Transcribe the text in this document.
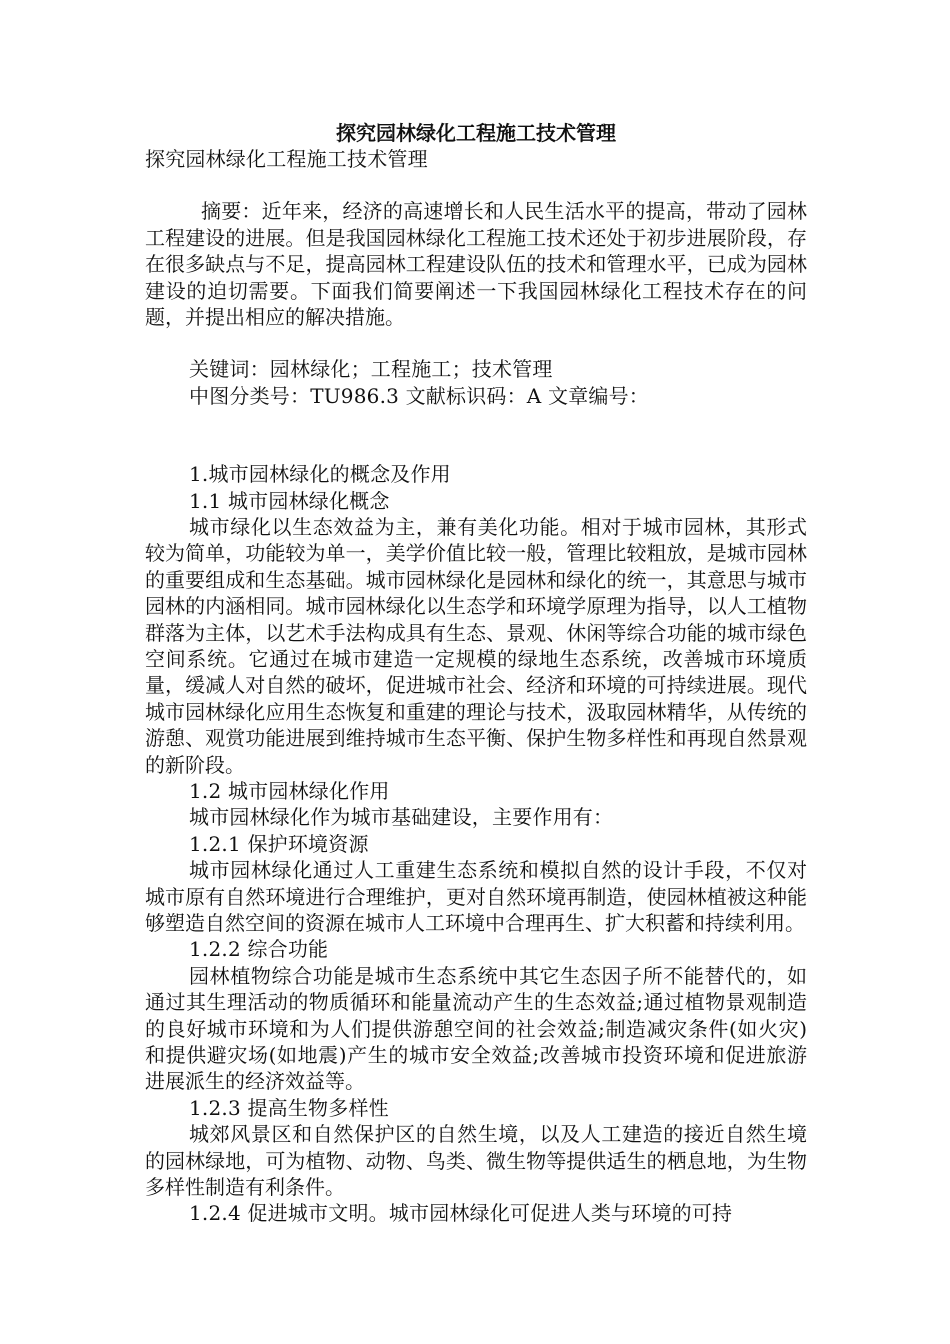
探究园林绿化工程施工技术管理
探究园林绿化工程施工技术管理

摘要：近年来，经济的高速增长和人民生活水平的提高，带动了园林工程建设的进展。但是我国园林绿化工程施工技术还处于初步进展阶段，存在很多缺点与不足，提高园林工程建设队伍的技术和管理水平，已成为园林建设的迫切需要。下面我们简要阐述一下我国园林绿化工程技术存在的问题，并提出相应的解决措施。

关键词：园林绿化；工程施工；技术管理
中图分类号：TU986.3 文献标识码：A 文章编号：
1.城市园林绿化的概念及作用
1.1 城市园林绿化概念

城市绿化以生态效益为主，兼有美化功能。相对于城市园林，其形式较为简单，功能较为单一，美学价值比较一般，管理比较粗放，是城市园林的重要组成和生态基础。城市园林绿化是园林和绿化的统一，其意思与城市园林的内涵相同。城市园林绿化以生态学和环境学原理为指导，以人工植物群落为主体，以艺术手法构成具有生态、景观、休闲等综合功能的城市绿色空间系统。它通过在城市建造一定规模的绿地生态系统，改善城市环境质量，缓减人对自然的破坏，促进城市社会、经济和环境的可持续进展。现代城市园林绿化应用生态恢复和重建的理论与技术，汲取园林精华，从传统的游憩、观赏功能进展到维持城市生态平衡、保护生物多样性和再现自然景观的新阶段。

1.2 城市园林绿化作用
城市园林绿化作为城市基础建设，主要作用有：
1.2.1 保护环境资源

城市园林绿化通过人工重建生态系统和模拟自然的设计手段，不仅对城市原有自然环境进行合理维护，更对自然环境再制造，使园林植被这种能够塑造自然空间的资源在城市人工环境中合理再生、扩大积蓄和持续利用。

1.2.2 综合功能

园林植物综合功能是城市生态系统中其它生态因子所不能替代的，如通过其生理活动的物质循环和能量流动产生的生态效益;通过植物景观制造的良好城市环境和为人们提供游憩空间的社会效益;制造减灾条件(如火灾)和提供避灾场(如地震)产生的城市安全效益;改善城市投资环境和促进旅游进展派生的经济效益等。

1.2.3 提高生物多样性

城郊风景区和自然保护区的自然生境，以及人工建造的接近自然生境的园林绿地，可为植物、动物、鸟类、微生物等提供适生的栖息地，为生物多样性制造有利条件。

1.2.4 促进城市文明。城市园林绿化可促进人类与环境的可持
